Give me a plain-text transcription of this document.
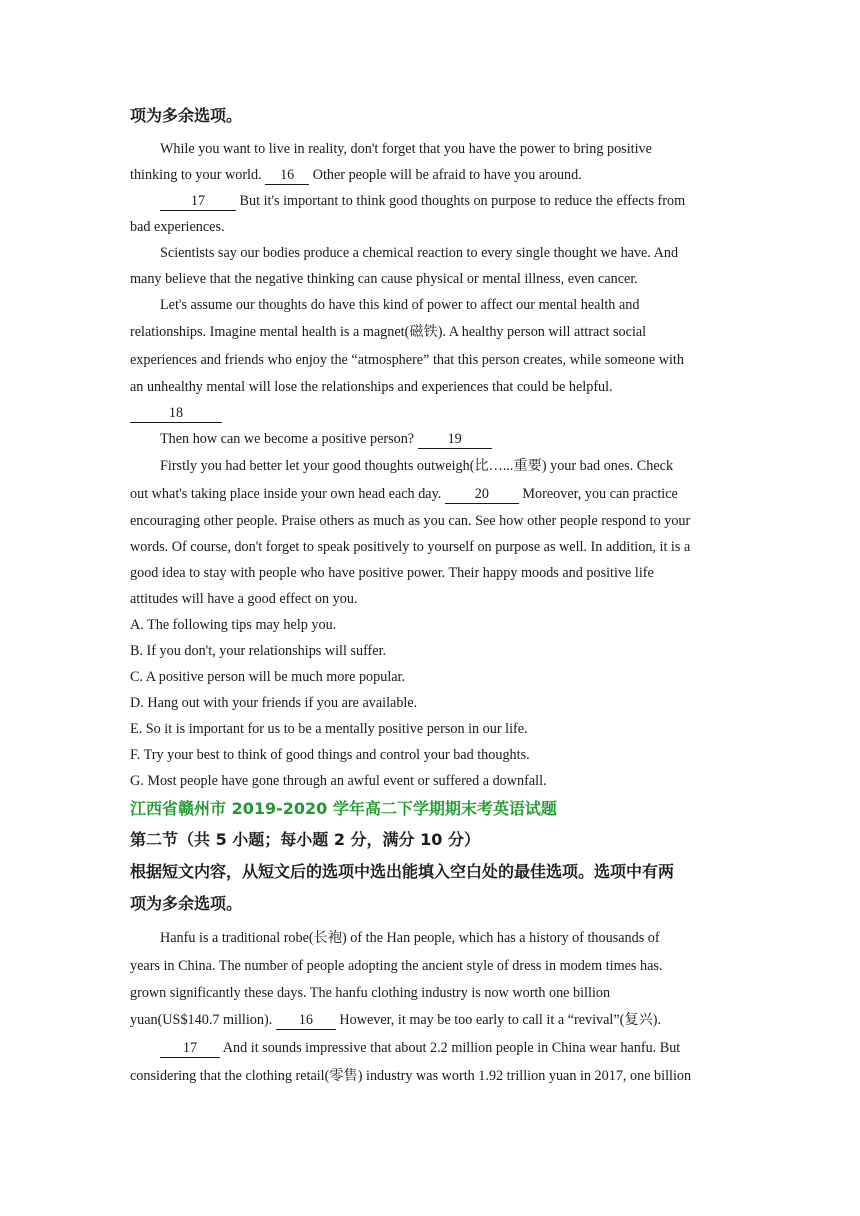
项为多余选项。
While you want to live in reality, don't forget that you have the power to bring positive
thinking to your world. 16 Other people will be afraid to have you around.
17 But it's important to think good thoughts on purpose to reduce the effects from
bad experiences.
Scientists say our bodies produce a chemical reaction to every single thought we have. And
many believe that the negative thinking can cause physical or mental illness, even cancer.
Let's assume our thoughts do have this kind of power to affect our mental health and
relationships. Imagine mental health is a magnet(磁铁). A healthy person will attract social
experiences and friends who enjoy the “atmosphere” that this person creates, while someone with
an unhealthy mental will lose the relationships and experiences that could be helpful.
18
Then how can we become a positive person? 19
Firstly you had better let your good thoughts outweigh(比…...重要) your bad ones. Check
out what's taking place inside your own head each day. 20 Moreover, you can practice
encouraging other people. Praise others as much as you can. See how other people respond to your
words. Of course, don't forget to speak positively to yourself on purpose as well. In addition, it is a
good idea to stay with people who have positive power. Their happy moods and positive life
attitudes will have a good effect on you.
A. The following tips may help you.
B. If you don't, your relationships will suffer.
C. A positive person will be much more popular.
D. Hang out with your friends if you are available.
E. So it is important for us to be a mentally positive person in our life.
F. Try your best to think of good things and control your bad thoughts.
G. Most people have gone through an awful event or suffered a downfall.
江西省赣州市 2019-2020 学年高二下学期期末考英语试题
第二节（共 5 小题；每小题 2 分，满分 10 分）
根据短文内容，从短文后的选项中选出能填入空白处的最佳选项。选项中有两
项为多余选项。
Hanfu is a traditional robe(长袍) of the Han people, which has a history of thousands of
years in China. The number of people adopting the ancient style of dress in modem times has.
grown significantly these days. The hanfu clothing industry is now worth one billion
yuan(US$140.7 million). 16 However, it may be too early to call it a “revival”(复兴).
17 And it sounds impressive that about 2.2 million people in China wear hanfu. But
considering that the clothing retail(零售) industry was worth 1.92 trillion yuan in 2017, one billion
